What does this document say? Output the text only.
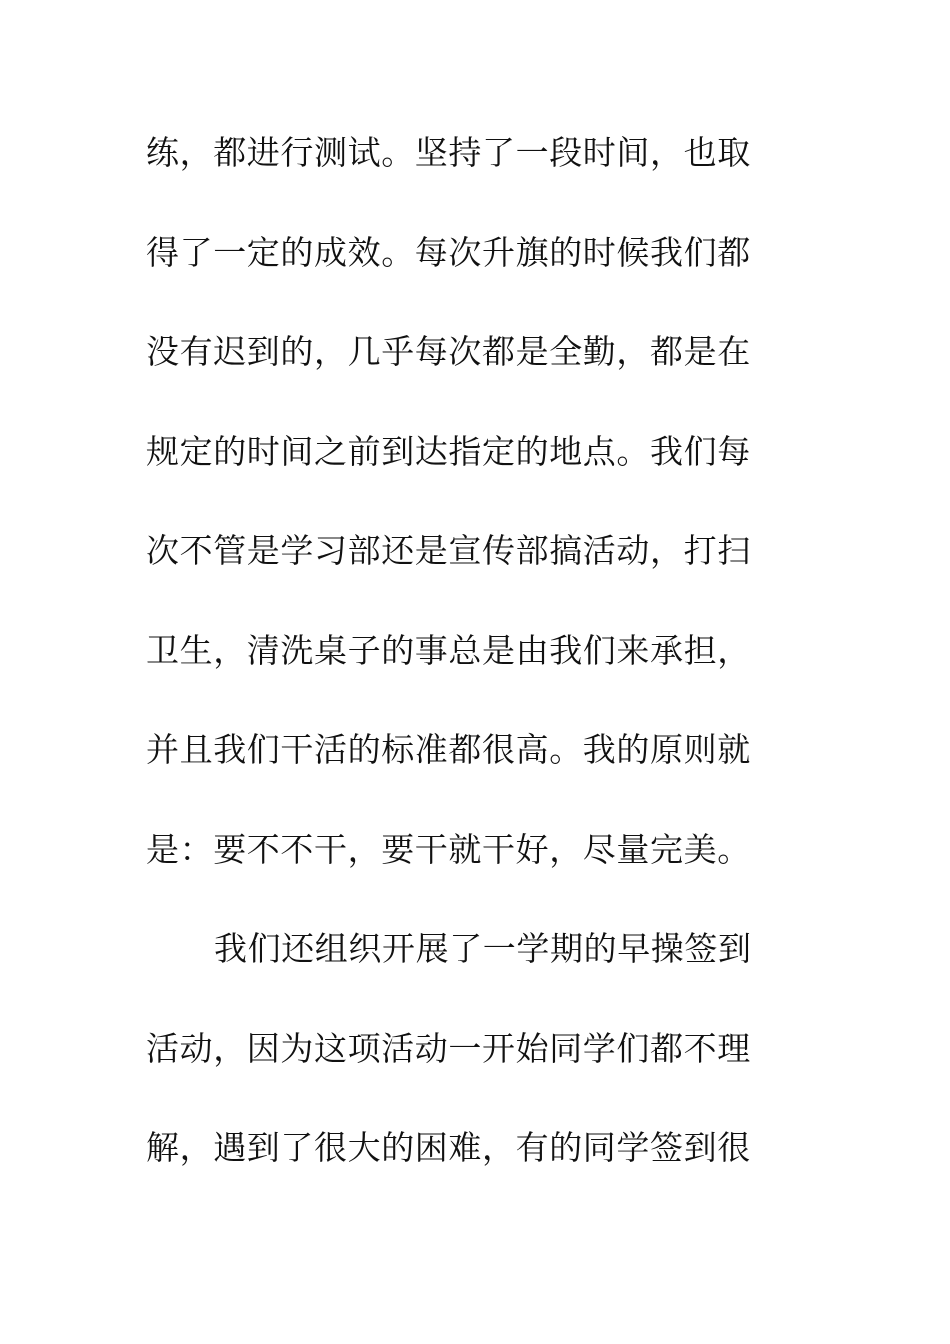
练，都进行测试。坚持了一段时间，也取
得了一定的成效。每次升旗的时候我们都
没有迟到的，几乎每次都是全勤，都是在
规定的时间之前到达指定的地点。我们每
次不管是学习部还是宣传部搞活动，打扫
卫生，清洗桌子的事总是由我们来承担，
并且我们干活的标准都很高。我的原则就
是：要不不干，要干就干好，尽量完美。
我们还组织开展了一学期的早操签到
活动，因为这项活动一开始同学们都不理
解，遇到了很大的困难，有的同学签到很
